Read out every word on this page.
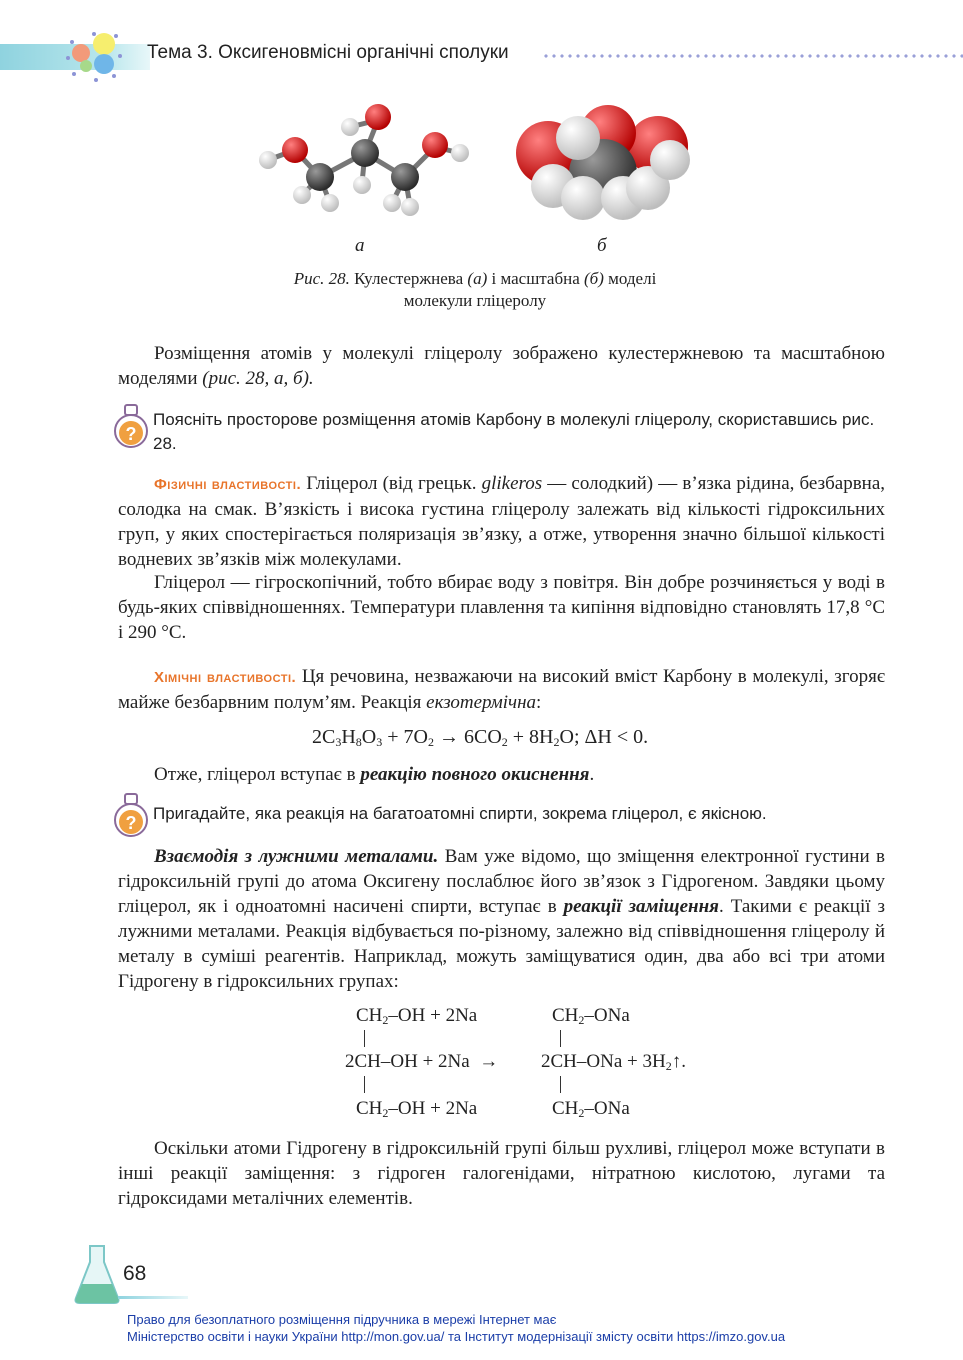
Тема 3. Оксигеновмісні органічні сполуки
а	б
Рис. 28. Кулестержнева (а) і масштабна (б) моделі
молекули гліцеролу
Розміщення атомів у молекулі гліцеролу зображено кулестержневою та масштабною моделями (рис. 28, а, б).
?
Поясніть просторове розміщення атомів Карбону в молекулі гліцеролу, скориставшись рис. 28.
Фізичні властивості. Гліцерол (від грецьк. glikeros — солодкий) — в’язка рідина, безбарвна, солодка на смак. В’язкість і висока густина гліцеролу залежать від кількості гідроксильних груп, у яких спостерігається поляризація зв’язку, а отже, утворення значно більшої кількості водневих зв’язків між молекулами.
Гліцерол — гігроскопічний, тобто вбирає воду з повітря. Він добре розчиняється у воді в будь-яких співвідношеннях. Температури плавлення та кипіння відповідно становлять 17,8 °С і 290 °С.
Хімічні властивості. Ця речовина, незважаючи на високий вміст Карбону в молекулі, згоряє майже безбарвним полум’ям. Реакція екзотермічна:
$2C_3H_8O_3 + 7O_2 \to 6CO_2 + 8H_2O$; ΔH < 0.
Отже, гліцерол вступає в реакцію повного окиснення.
? Пригадайте, яка реакція на багатоатомні спирти, зокрема гліцерол, є якісною.
Взаємодія з лужними металами. Вам уже відомо, що зміщення електронної густини в гідроксильній групі до атома Оксигену послаблює його зв’язок з Гідрогеном. Завдяки цьому гліцерол, як і одноатомні насичені спирти, вступає в реакції заміщення. Такими є реакції з лужними металами. Реакція відбувається по-різному, залежно від співвідношення гліцеролу й металу в суміші реагентів. Наприклад, можуть заміщуватися один, два або всі три атоми Гідрогену в гідроксильних групах:
$CH_2-OH + 2Na$	$CH_2$–ONa
$2CH-OH + 2Na \to 2CH-ONa + 3H_2↑$.
$CH_2-OH + 2Na$	$CH_2$–ONa
Оскільки атоми Гідрогену в гідроксильній групі більш рухливі, гліцерол може вступати в інші реакції заміщення: з гідроген галогенідами, нітратною кислотою, лугами та гідроксидами металічних елементів.
68
Право для безоплатного розміщення підручника в мережі Інтернет має
Міністерство освіти і науки України http://mon.gov.ua/ та Інститут модернізації змісту освіти https://imzo.gov.ua
